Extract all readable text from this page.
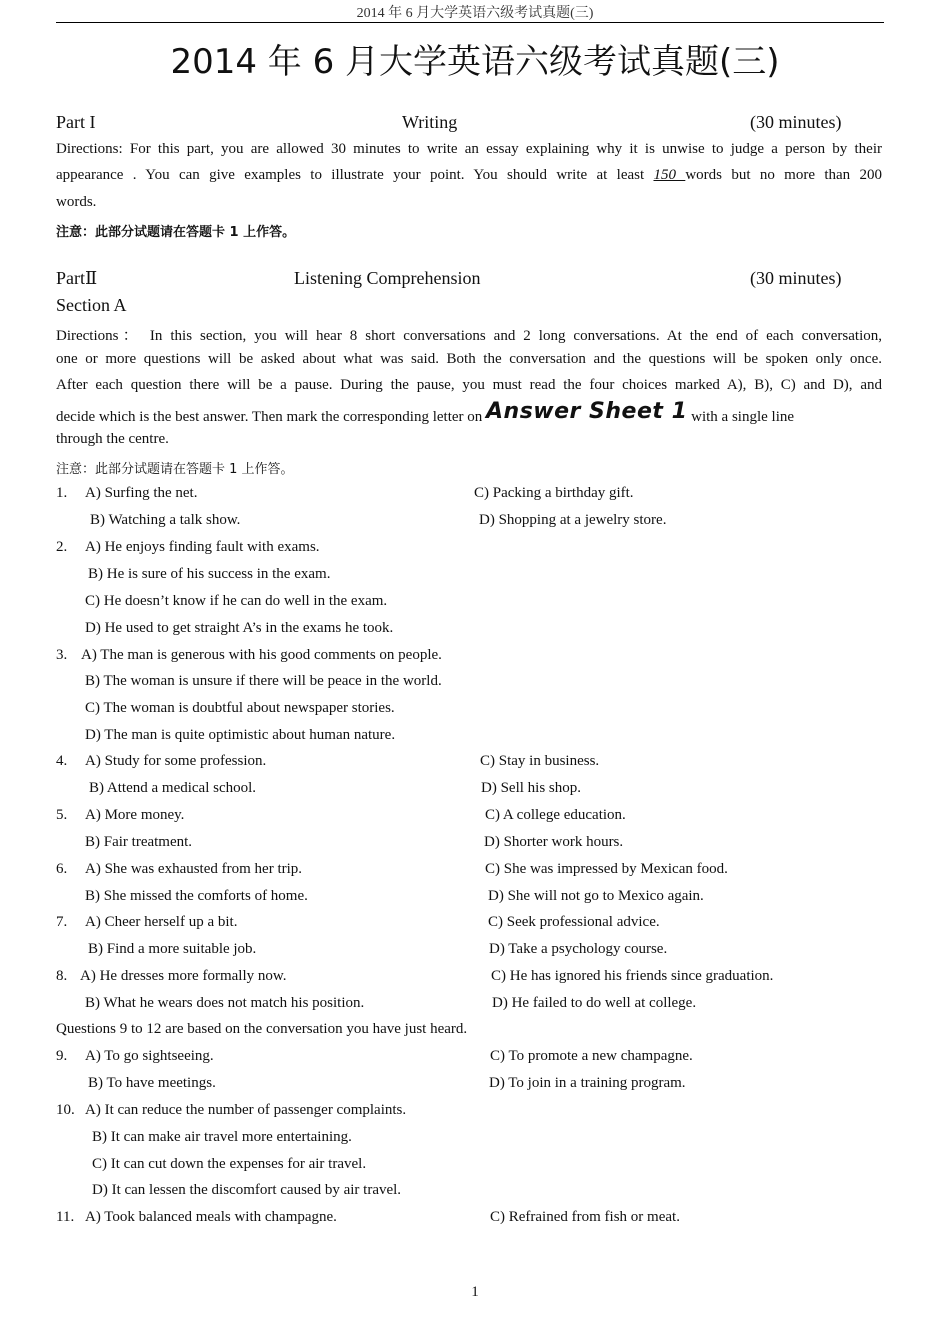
2014 年 6 月大学英语六级考试真题(三)
2014 年 6 月大学英语六级考试真题(三)
Part I	Writing	(30 minutes)
Directions: For this part, you are allowed 30 minutes to write an essay explaining why it is unwise to judge a person by their
appearance . You can give examples to illustrate your point. You should write at least 150 words but no more than 200
words.
注意：此部分试题请在答题卡 1 上作答。
PartⅡ	Listening Comprehension	(30 minutes)
Section A
Directions： In this section, you will hear 8 short conversations and 2 long conversations. At the end of each conversation,
one or more questions will be asked about what was said. Both the conversation and the questions will be spoken only once.
After each question there will be a pause. During the pause, you must read the four choices marked A), B), C) and D), and
decide which is the best answer. Then mark the corresponding letter on Answer Sheet 1 with a single line
through the centre.
注意：此部分试题请在答题卡 1 上作答。
1. A) Surfing the net.	C) Packing a birthday gift.
B) Watching a talk show.	D) Shopping at a jewelry store.
2. A) He enjoys finding fault with exams.
B) He is sure of his success in the exam.
C) He doesn’t know if he can do well in the exam.
D) He used to get straight A’s in the exams he took.
3. A) The man is generous with his good comments on people.
B) The woman is unsure if there will be peace in the world.
C) The woman is doubtful about newspaper stories.
D) The man is quite optimistic about human nature.
4. A) Study for some profession.	C) Stay in business.
B) Attend a medical school.	D) Sell his shop.
5. A) More money.	C) A college education.
B) Fair treatment.	D) Shorter work hours.
6. A) She was exhausted from her trip.	C) She was impressed by Mexican food.
B) She missed the comforts of home.	D) She will not go to Mexico again.
7. A) Cheer herself up a bit.	C) Seek professional advice.
B) Find a more suitable job.	D) Take a psychology course.
8. A) He dresses more formally now.	C) He has ignored his friends since graduation.
B) What he wears does not match his position.	D) He failed to do well at college.
Questions 9 to 12 are based on the conversation you have just heard.
9. A) To go sightseeing.	C) To promote a new champagne.
B) To have meetings.	D) To join in a training program.
10. A) It can reduce the number of passenger complaints.
B) It can make air travel more entertaining.
C) It can cut down the expenses for air travel.
D) It can lessen the discomfort caused by air travel.
11. A) Took balanced meals with champagne.	C) Refrained from fish or meat.
1
